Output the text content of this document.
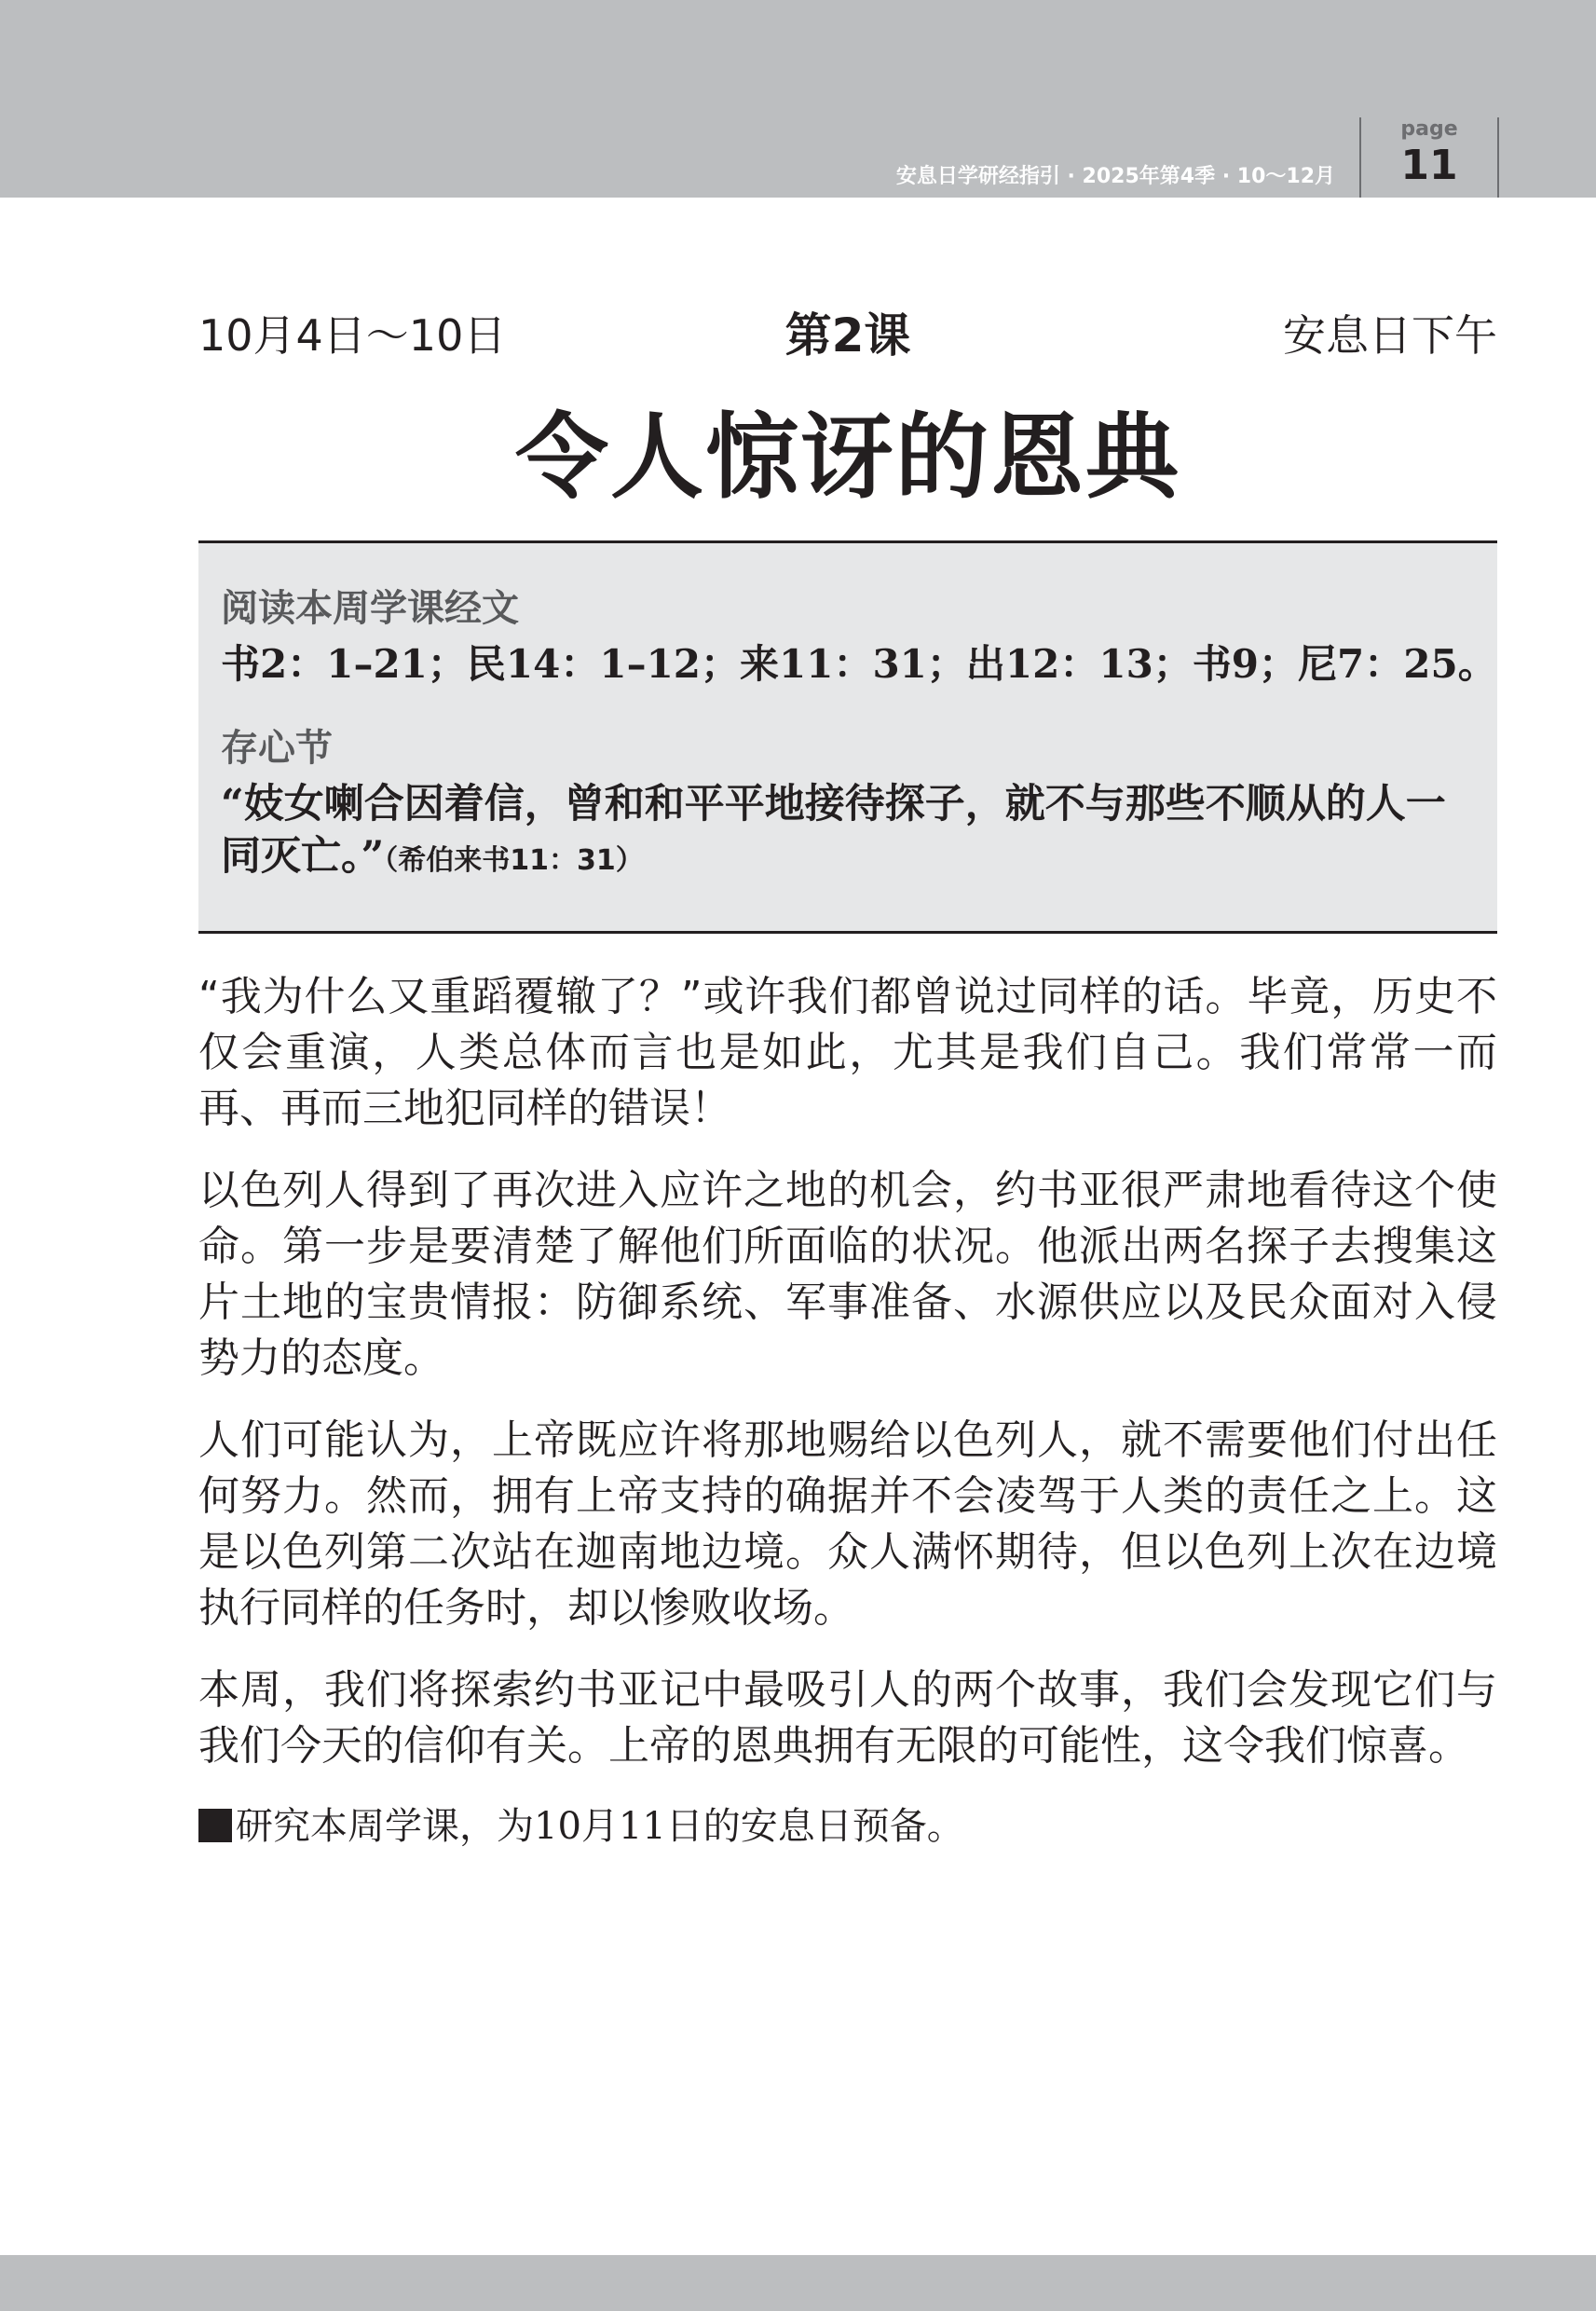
安息日学研经指引 · 2025年第4季 · 10～12月
page
11
10月4日～10日	第2课	安息日下午
令人惊讶的恩典
阅读本周学课经文
书2：1–21；民14：1–12；来11：31；出12：13；书9；尼7：25。
存心节
“妓女喇合因着信，曾和和平平地接待探子，就不与那些不顺从的人一同灭亡。”（希伯来书11：31）

“我为什么又重蹈覆辙了？”或许我们都曾说过同样的话。毕竟，历史不仅会重演，人类总体而言也是如此，尤其是我们自己。我们常常一而再、再而三地犯同样的错误！

以色列人得到了再次进入应许之地的机会，约书亚很严肃地看待这个使命。第一步是要清楚了解他们所面临的状况。他派出两名探子去搜集这片土地的宝贵情报：防御系统、军事准备、水源供应以及民众面对入侵势力的态度。

人们可能认为，上帝既应许将那地赐给以色列人，就不需要他们付出任何努力。然而，拥有上帝支持的确据并不会凌驾于人类的责任之上。这是以色列第二次站在迦南地边境。众人满怀期待，但以色列上次在边境执行同样的任务时，却以惨败收场。

本周，我们将探索约书亚记中最吸引人的两个故事，我们会发现它们与我们今天的信仰有关。上帝的恩典拥有无限的可能性，这令我们惊喜。

研究本周学课，为10月11日的安息日预备。
